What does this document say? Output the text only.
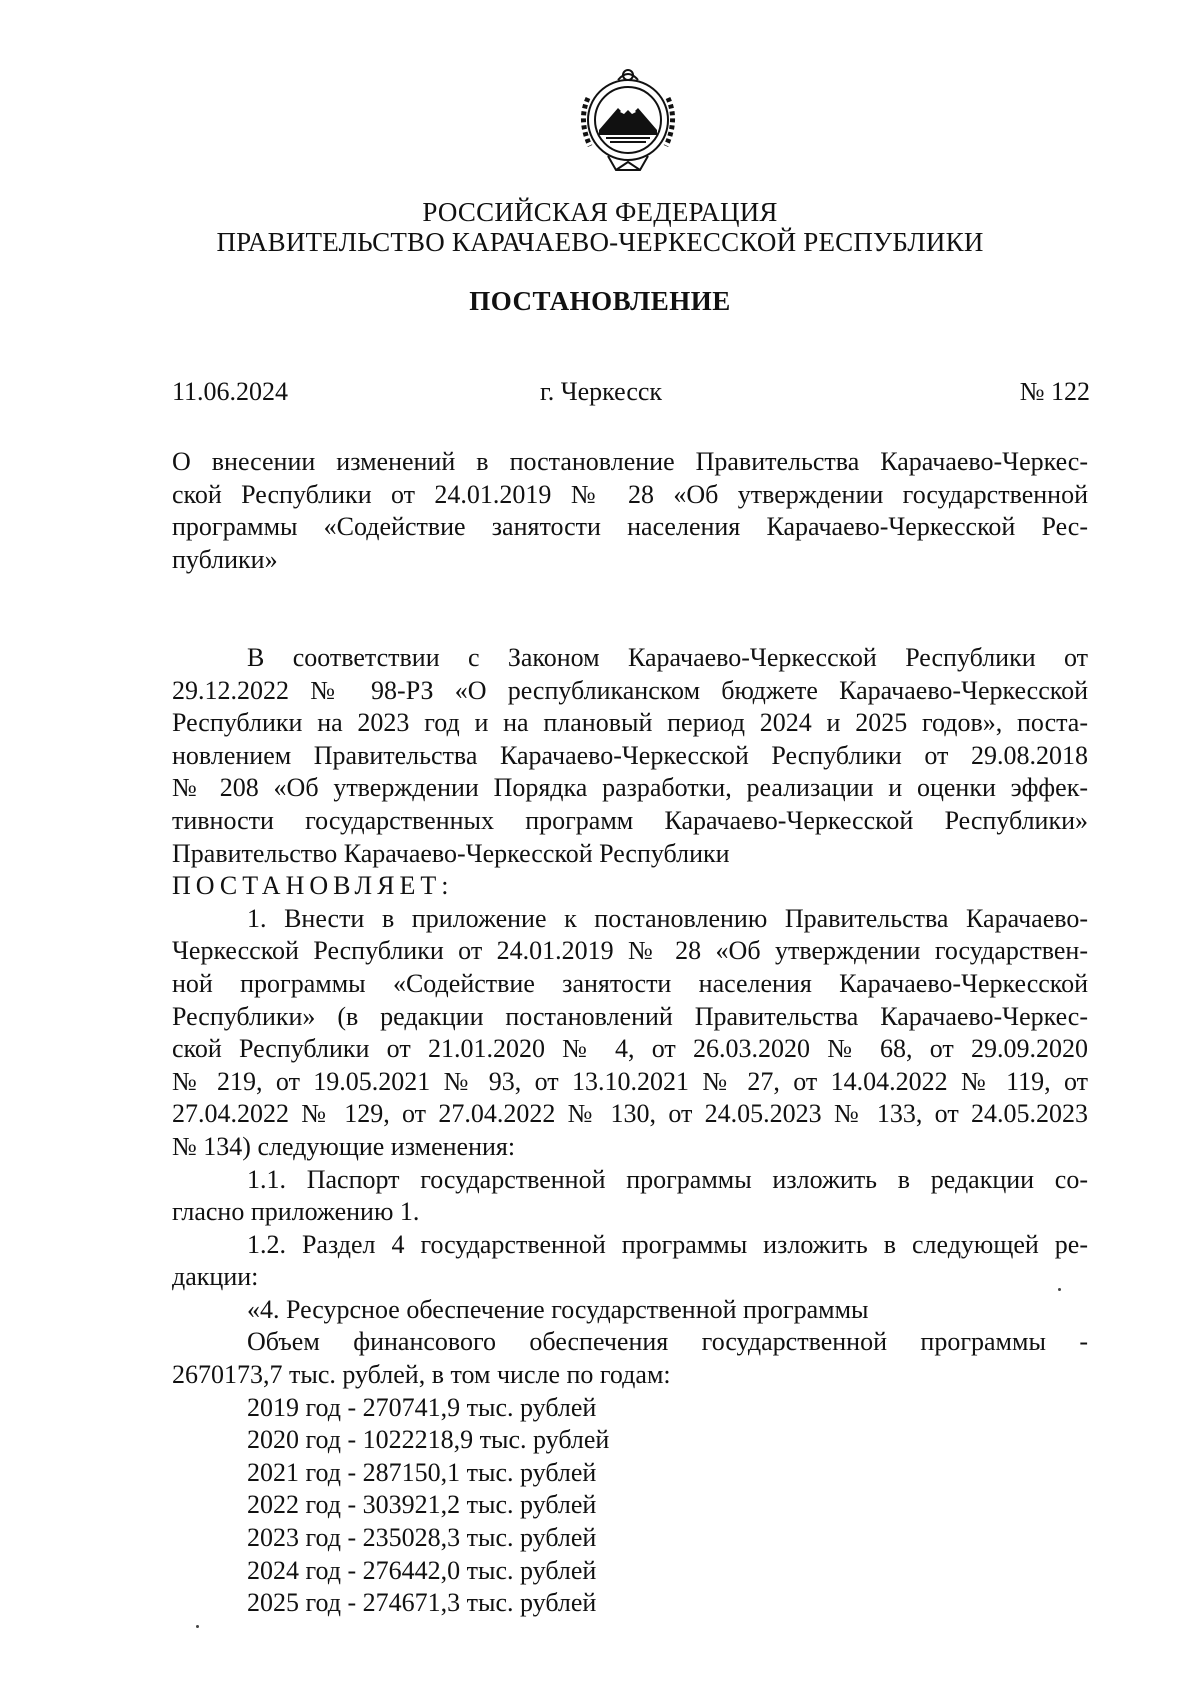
РОССИЙСКАЯ ФЕДЕРАЦИЯ
ПРАВИТЕЛЬСТВО КАРАЧАЕВО-ЧЕРКЕССКОЙ РЕСПУБЛИКИ
ПОСТАНОВЛЕНИЕ
11.06.2024	г. Черкесск	№ 122
О внесении изменений в постановление Правительства Карачаево-Черкес-
ской Республики от 24.01.2019 № 28 «Об утверждении государственной
программы «Содействие занятости населения Карачаево-Черкесской Рес-
публики»
В соответствии с Законом Карачаево-Черкесской Республики от
29.12.2022 № 98-РЗ «О республиканском бюджете Карачаево-Черкесской
Республики на 2023 год и на плановый период 2024 и 2025 годов», поста-
новлением Правительства Карачаево-Черкесской Республики от 29.08.2018
№ 208 «Об утверждении Порядка разработки, реализации и оценки эффек-
тивности государственных программ Карачаево-Черкесской Республики»
Правительство Карачаево-Черкесской Республики
ПОСТАНОВЛЯЕТ:
1. Внести в приложение к постановлению Правительства Карачаево-
Черкесской Республики от 24.01.2019 № 28 «Об утверждении государствен-
ной программы «Содействие занятости населения Карачаево-Черкесской
Республики» (в редакции постановлений Правительства Карачаево-Черкес-
ской Республики от 21.01.2020 № 4, от 26.03.2020 № 68, от 29.09.2020
№ 219, от 19.05.2021 № 93, от 13.10.2021 № 27, от 14.04.2022 № 119, от
27.04.2022 № 129, от 27.04.2022 № 130, от 24.05.2023 № 133, от 24.05.2023
№ 134) следующие изменения:
1.1. Паспорт государственной программы изложить в редакции со-
гласно приложению 1.
1.2. Раздел 4 государственной программы изложить в следующей ре-
дакции:
«4. Ресурсное обеспечение государственной программы
Объем финансового обеспечения государственной программы -
2670173,7 тыс. рублей, в том числе по годам:
2019 год - 270741,9 тыс. рублей
2020 год - 1022218,9 тыс. рублей
2021 год - 287150,1 тыс. рублей
2022 год - 303921,2 тыс. рублей
2023 год - 235028,3 тыс. рублей
2024 год - 276442,0 тыс. рублей
2025 год - 274671,3 тыс. рублей
